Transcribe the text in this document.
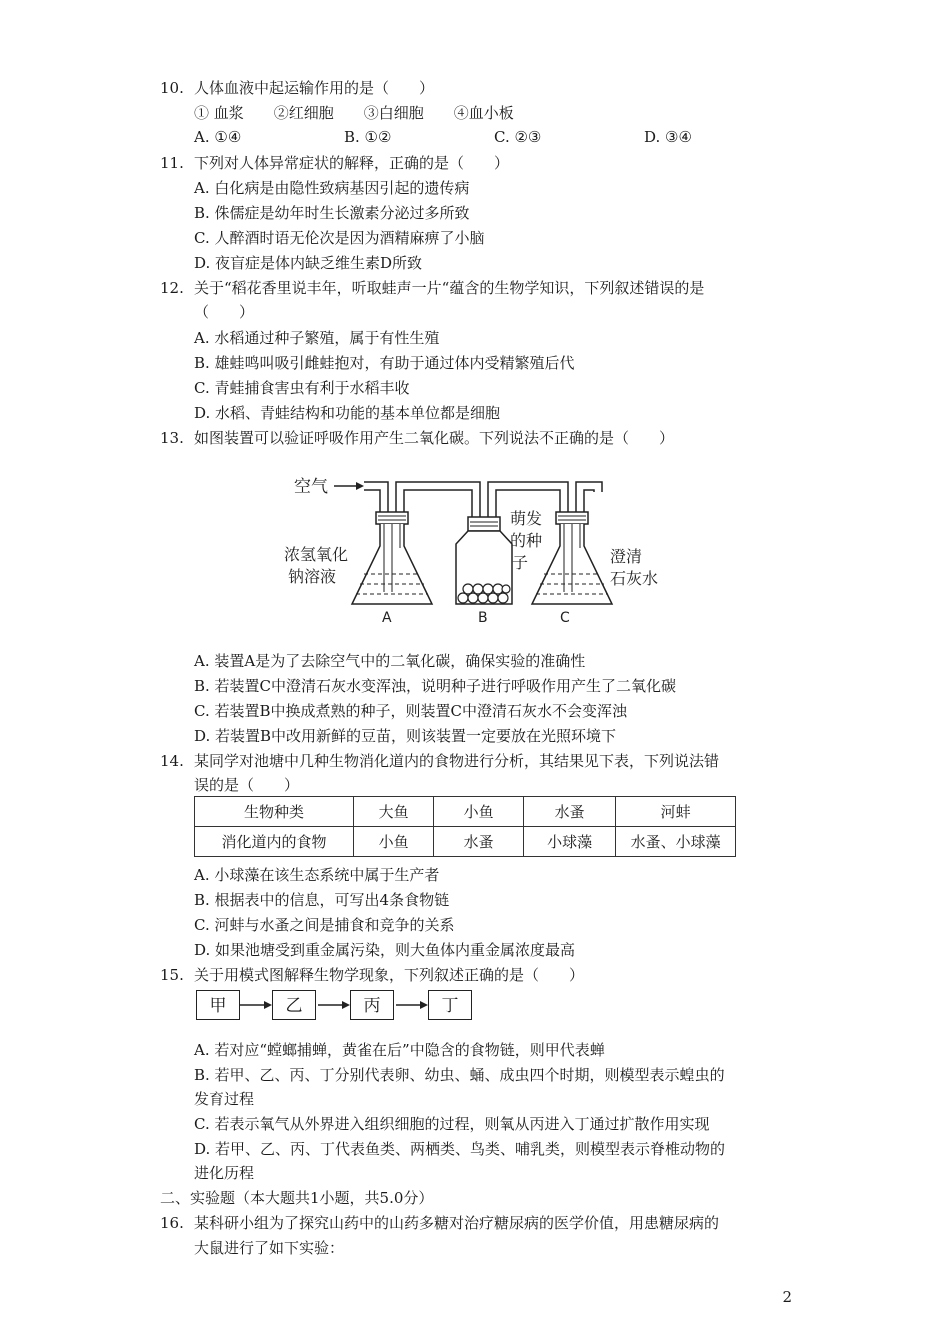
10. 人体血液中起运输作用的是（　　）
① 血浆　　②红细胞　　③白细胞　　④血小板
A. ①④	B. ①②	C. ②③	D. ③④
11. 下列对人体异常症状的解释，正确的是（　　）
A. 白化病是由隐性致病基因引起的遗传病
B. 侏儒症是幼年时生长激素分泌过多所致
C. 人醉酒时语无伦次是因为酒精麻痹了小脑
D. 夜盲症是体内缺乏维生素D所致
12. 关于“稻花香里说丰年，听取蛙声一片“蕴含的生物学知识，下列叙述错误的是
（　　）
A. 水稻通过种子繁殖，属于有性生殖
B. 雄蛙鸣叫吸引雌蛙抱对，有助于通过体内受精繁殖后代
C. 青蛙捕食害虫有利于水稻丰收
D. 水稻、青蛙结构和功能的基本单位都是细胞
13. 如图装置可以验证呼吸作用产生二氧化碳。下列说法不正确的是（　　）
空气
浓氢氧化
钠溶液
A
萌发
的种
子
B
澄清
石灰水
C
A. 装置A是为了去除空气中的二氧化碳，确保实验的准确性
B. 若装置C中澄清石灰水变浑浊，说明种子进行呼吸作用产生了二氧化碳
C. 若装置B中换成煮熟的种子，则装置C中澄清石灰水不会变浑浊
D. 若装置B中改用新鲜的豆苗，则该装置一定要放在光照环境下
14. 某同学对池塘中几种生物消化道内的食物进行分析，其结果见下表，下列说法错
误的是（　　）
生物种类	大鱼	小鱼	水蚤	河蚌
消化道内的食物	小鱼	水蚤	小球藻	水蚤、小球藻
A. 小球藻在该生态系统中属于生产者
B. 根据表中的信息，可写出4条食物链
C. 河蚌与水蚤之间是捕食和竞争的关系
D. 如果池塘受到重金属污染，则大鱼体内重金属浓度最高
15. 关于用模式图解释生物学现象，下列叙述正确的是（　　）
甲	乙	丙	丁
A. 若对应“螳螂捕蝉，黄雀在后”中隐含的食物链，则甲代表蝉
B. 若甲、乙、丙、丁分别代表卵、幼虫、蛹、成虫四个时期，则模型表示蝗虫的
发育过程
C. 若表示氧气从外界进入组织细胞的过程，则氧从丙进入丁通过扩散作用实现
D. 若甲、乙、丙、丁代表鱼类、两栖类、鸟类、哺乳类，则模型表示脊椎动物的
进化历程
二、实验题（本大题共1小题，共5.0分）
16. 某科研小组为了探究山药中的山药多糖对治疗糖尿病的医学价值，用患糖尿病的
大鼠进行了如下实验：
2
